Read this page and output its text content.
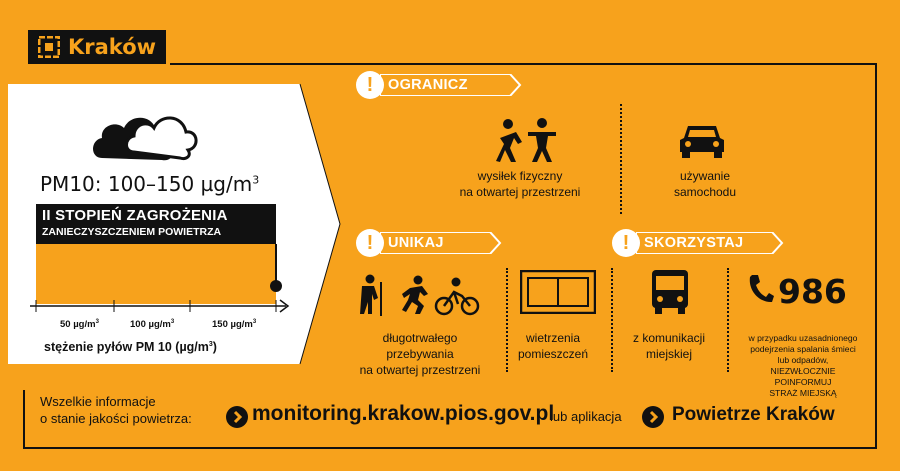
Kraków
PM10: 100–150 $\mu g/m^3$
II STOPIEŃ ZAGROŻENIA
ZANIECZYSZCZENIEM POWIETRZA
50 $\mu g/m^3$	100 $\mu g/m^3$	150 $\mu g/m^3$
stężenie pyłów PM 10 $(\mu g/m^3)$
!	OGRANICZ
wysiłek fizyczny
na otwartej przestrzeni
używanie
samochodu
!	UNIKAJ
długotrwałego
przebywania
na otwartej przestrzeni
wietrzenia
pomieszczeń
!	SKORZYSTAJ
z komunikacji
miejskiej
986
w przypadku uzasadnionego
podejrzenia spalania śmieci
lub odpadów,
NIEZWŁOCZNIE
POINFORMUJ
STRAŻ MIEJSKĄ
Wszelkie informacje
o stanie jakości powietrza:	monitoring.krakow.pios.gov.pl
lub aplikacja	Powietrze Kraków
